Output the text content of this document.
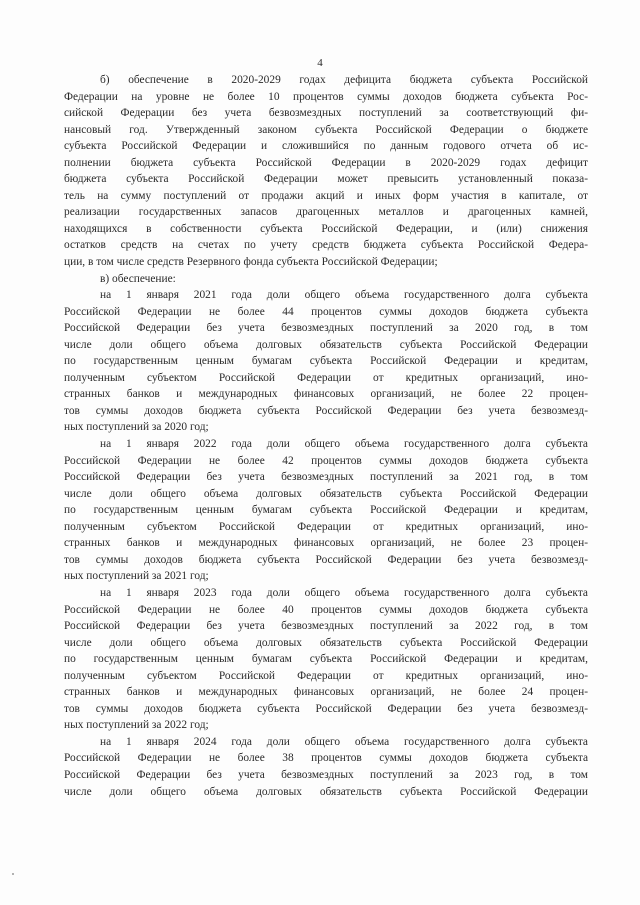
4
б) обеспечение в 2020-2029 годах дефицита бюджета субъекта Российской
Федерации на уровне не более 10 процентов суммы доходов бюджета субъекта Рос-
сийской Федерации без учета безвозмездных поступлений за соответствующий фи-
нансовый год. Утвержденный законом субъекта Российской Федерации о бюджете
субъекта Российской Федерации и сложившийся по данным годового отчета об ис-
полнении бюджета субъекта Российской Федерации в 2020-2029 годах дефицит
бюджета субъекта Российской Федерации может превысить установленный показа-
тель на сумму поступлений от продажи акций и иных форм участия в капитале, от
реализации государственных запасов драгоценных металлов и драгоценных камней,
находящихся в собственности субъекта Российской Федерации, и (или) снижения
остатков средств на счетах по учету средств бюджета субъекта Российской Федера-
ции, в том числе средств Резервного фонда субъекта Российской Федерации;
в) обеспечение:
на 1 января 2021 года доли общего объема государственного долга субъекта
Российской Федерации не более 44 процентов суммы доходов бюджета субъекта
Российской Федерации без учета безвозмездных поступлений за 2020 год, в том
числе доли общего объема долговых обязательств субъекта Российской Федерации
по государственным ценным бумагам субъекта Российской Федерации и кредитам,
полученным субъектом Российской Федерации от кредитных организаций, ино-
странных банков и международных финансовых организаций, не более 22 процен-
тов суммы доходов бюджета субъекта Российской Федерации без учета безвозмезд-
ных поступлений за 2020 год;
на 1 января 2022 года доли общего объема государственного долга субъекта
Российской Федерации не более 42 процентов суммы доходов бюджета субъекта
Российской Федерации без учета безвозмездных поступлений за 2021 год, в том
числе доли общего объема долговых обязательств субъекта Российской Федерации
по государственным ценным бумагам субъекта Российской Федерации и кредитам,
полученным субъектом Российской Федерации от кредитных организаций, ино-
странных банков и международных финансовых организаций, не более 23 процен-
тов суммы доходов бюджета субъекта Российской Федерации без учета безвозмезд-
ных поступлений за 2021 год;
на 1 января 2023 года доли общего объема государственного долга субъекта
Российской Федерации не более 40 процентов суммы доходов бюджета субъекта
Российской Федерации без учета безвозмездных поступлений за 2022 год, в том
числе доли общего объема долговых обязательств субъекта Российской Федерации
по государственным ценным бумагам субъекта Российской Федерации и кредитам,
полученным субъектом Российской Федерации от кредитных организаций, ино-
странных банков и международных финансовых организаций, не более 24 процен-
тов суммы доходов бюджета субъекта Российской Федерации без учета безвозмезд-
ных поступлений за 2022 год;
на 1 января 2024 года доли общего объема государственного долга субъекта
Российской Федерации не более 38 процентов суммы доходов бюджета субъекта
Российской Федерации без учета безвозмездных поступлений за 2023 год, в том
числе доли общего объема долговых обязательств субъекта Российской Федерации
